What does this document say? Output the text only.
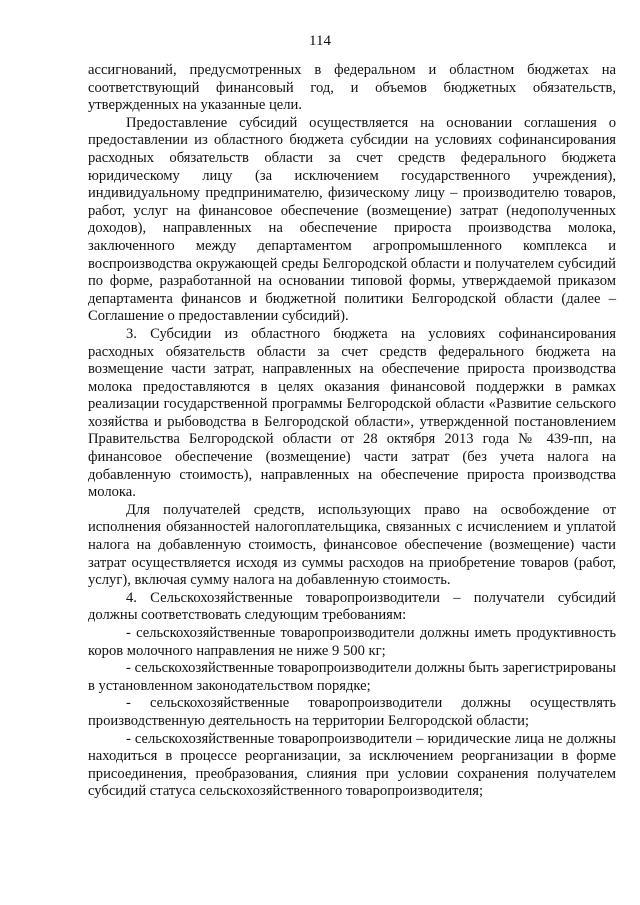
114

ассигнований, предусмотренных в федеральном и областном бюджетах на соответствующий финансовый год, и объемов бюджетных обязательств, утвержденных на указанные цели.

Предоставление субсидий осуществляется на основании соглашения о предоставлении из областного бюджета субсидии на условиях софинансирования расходных обязательств области за счет средств федерального бюджета юридическому лицу (за исключением государственного учреждения), индивидуальному предпринимателю, физическому лицу – производителю товаров, работ, услуг на финансовое обеспечение (возмещение) затрат (недополученных доходов), направленных на обеспечение прироста производства молока, заключенного между департаментом агропромышленного комплекса и воспроизводства окружающей среды Белгородской области и получателем субсидий по форме, разработанной на основании типовой формы, утверждаемой приказом департамента финансов и бюджетной политики Белгородской области (далее – Соглашение о предоставлении субсидий).

3. Субсидии из областного бюджета на условиях софинансирования расходных обязательств области за счет средств федерального бюджета на возмещение части затрат, направленных на обеспечение прироста производства молока предоставляются в целях оказания финансовой поддержки в рамках реализации государственной программы Белгородской области «Развитие сельского хозяйства и рыбоводства в Белгородской области», утвержденной постановлением Правительства Белгородской области от 28 октября 2013 года № 439-пп, на финансовое обеспечение (возмещение) части затрат (без учета налога на добавленную стоимость), направленных на обеспечение прироста производства молока.

Для получателей средств, использующих право на освобождение от исполнения обязанностей налогоплательщика, связанных с исчислением и уплатой налога на добавленную стоимость, финансовое обеспечение (возмещение) части затрат осуществляется исходя из суммы расходов на приобретение товаров (работ, услуг), включая сумму налога на добавленную стоимость.

4. Сельскохозяйственные товаропроизводители – получатели субсидий должны соответствовать следующим требованиям:

- сельскохозяйственные товаропроизводители должны иметь продуктивность коров молочного направления не ниже 9 500 кг;

- сельскохозяйственные товаропроизводители должны быть зарегистрированы в установленном законодательством порядке;

- сельскохозяйственные товаропроизводители должны осуществлять производственную деятельность на территории Белгородской области;

- сельскохозяйственные товаропроизводители – юридические лица не должны находиться в процессе реорганизации, за исключением реорганизации в форме присоединения, преобразования, слияния при условии сохранения получателем субсидий статуса сельскохозяйственного товаропроизводителя;
